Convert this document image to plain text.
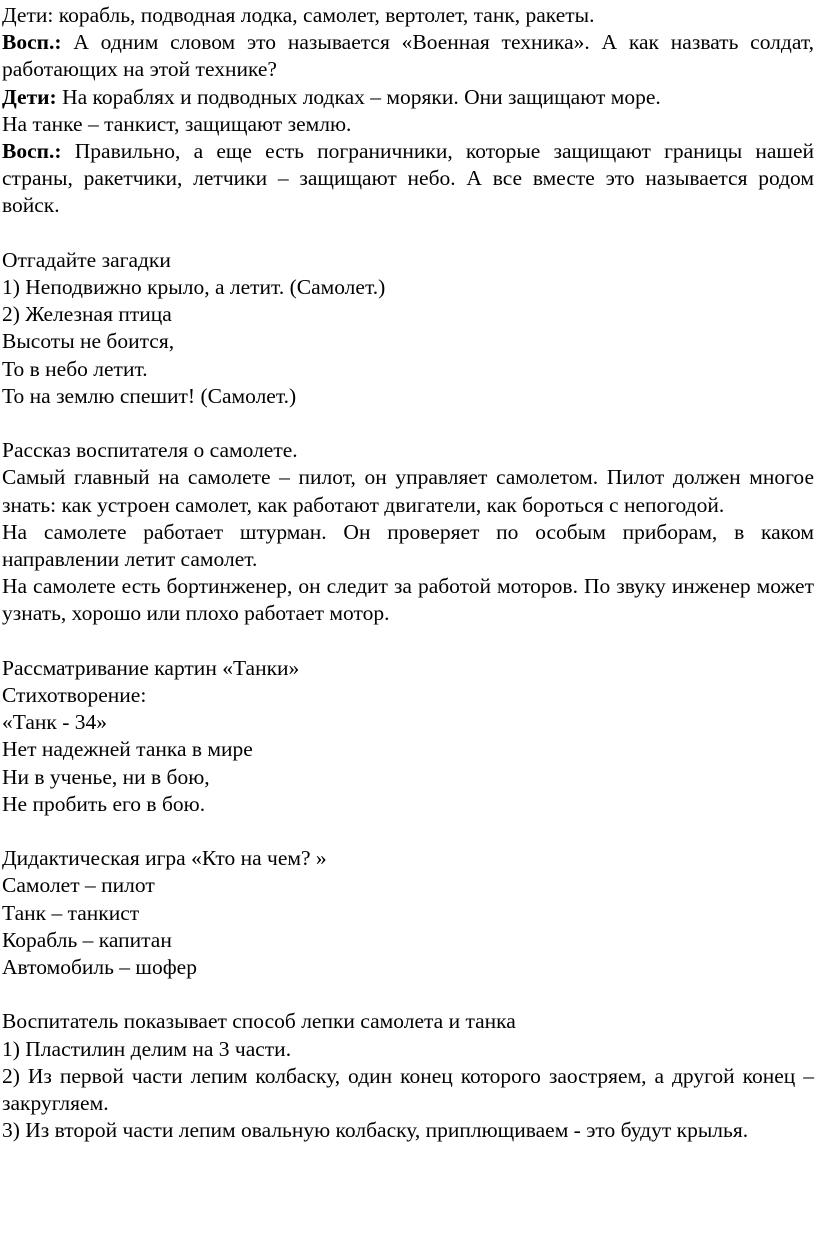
Дети: корабль, подводная лодка, самолет, вертолет, танк, ракеты.

Восп.: А одним словом это называется «Военная техника». А как назвать солдат, работающих на этой технике?

Дети: На кораблях и подводных лодках – моряки. Они защищают море.

На танке – танкист, защищают землю.

Восп.: Правильно, а еще есть пограничники, которые защищают границы нашей страны, ракетчики, летчики – защищают небо. А все вместе это называется родом войск.

Отгадайте загадки

1) Неподвижно крыло, а летит. (Самолет.)

2) Железная птица

Высоты не боится,

То в небо летит.

То на землю спешит! (Самолет.)

Рассказ воспитателя о самолете.

Самый главный на самолете – пилот, он управляет самолетом. Пилот должен многое знать: как устроен самолет, как работают двигатели, как бороться с непогодой.

На самолете работает штурман. Он проверяет по особым приборам, в каком направлении летит самолет.

На самолете есть бортинженер, он следит за работой моторов. По звуку инженер может узнать, хорошо или плохо работает мотор.

Рассматривание картин «Танки»

Стихотворение:

«Танк - 34»

Нет надежней танка в мире

Ни в ученье, ни в бою,

Не пробить его в бою.

Дидактическая игра «Кто на чем? »

Самолет – пилот

Танк – танкист

Корабль – капитан

Автомобиль – шофер

Воспитатель показывает способ лепки самолета и танка

1) Пластилин делим на 3 части.

2) Из первой части лепим колбаску, один конец которого заостряем, а другой конец – закругляем.

3) Из второй части лепим овальную колбаску, приплющиваем - это будут крылья.
